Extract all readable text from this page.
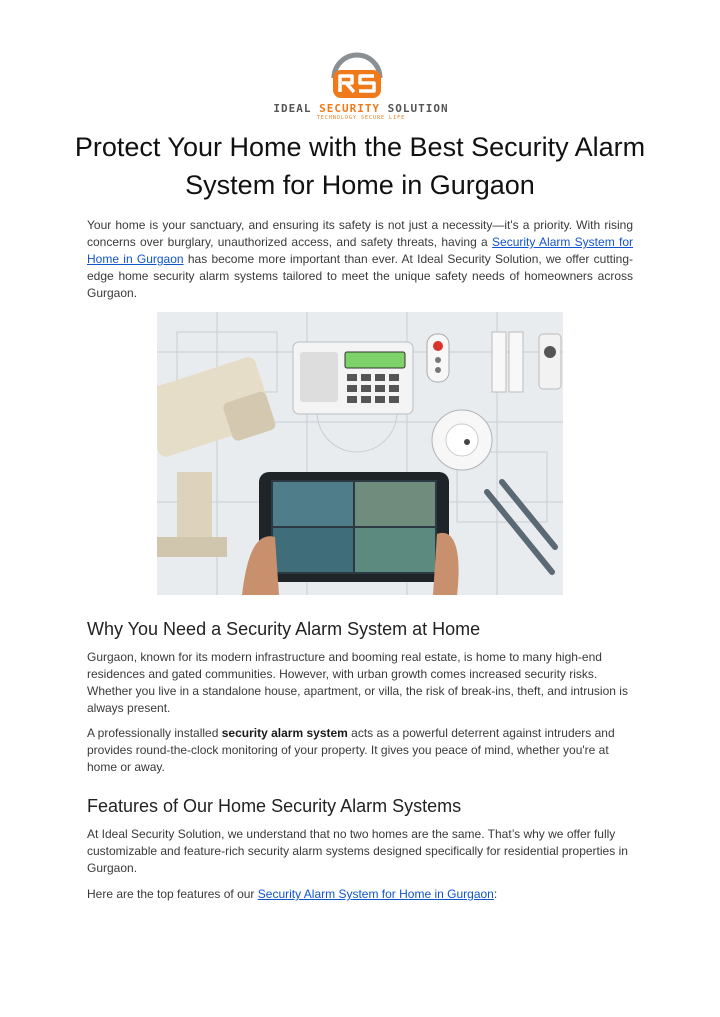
IDEAL SECURITY SOLUTION
TECHNOLOGY SECURE LIFE
Protect Your Home with the Best Security Alarm System for Home in Gurgaon

Your home is your sanctuary, and ensuring its safety is not just a necessity—it's a priority. With rising concerns over burglary, unauthorized access, and safety threats, having a Security Alarm System for Home in Gurgaon has become more important than ever. At Ideal Security Solution, we offer cutting-edge home security alarm systems tailored to meet the unique safety needs of homeowners across Gurgaon.

Why You Need a Security Alarm System at Home

Gurgaon, known for its modern infrastructure and booming real estate, is home to many high-end residences and gated communities. However, with urban growth comes increased security risks. Whether you live in a standalone house, apartment, or villa, the risk of break-ins, theft, and intrusion is always present.

A professionally installed security alarm system acts as a powerful deterrent against intruders and provides round-the-clock monitoring of your property. It gives you peace of mind, whether you're at home or away.

Features of Our Home Security Alarm Systems

At Ideal Security Solution, we understand that no two homes are the same. That’s why we offer fully customizable and feature-rich security alarm systems designed specifically for residential properties in Gurgaon.

Here are the top features of our Security Alarm System for Home in Gurgaon:
